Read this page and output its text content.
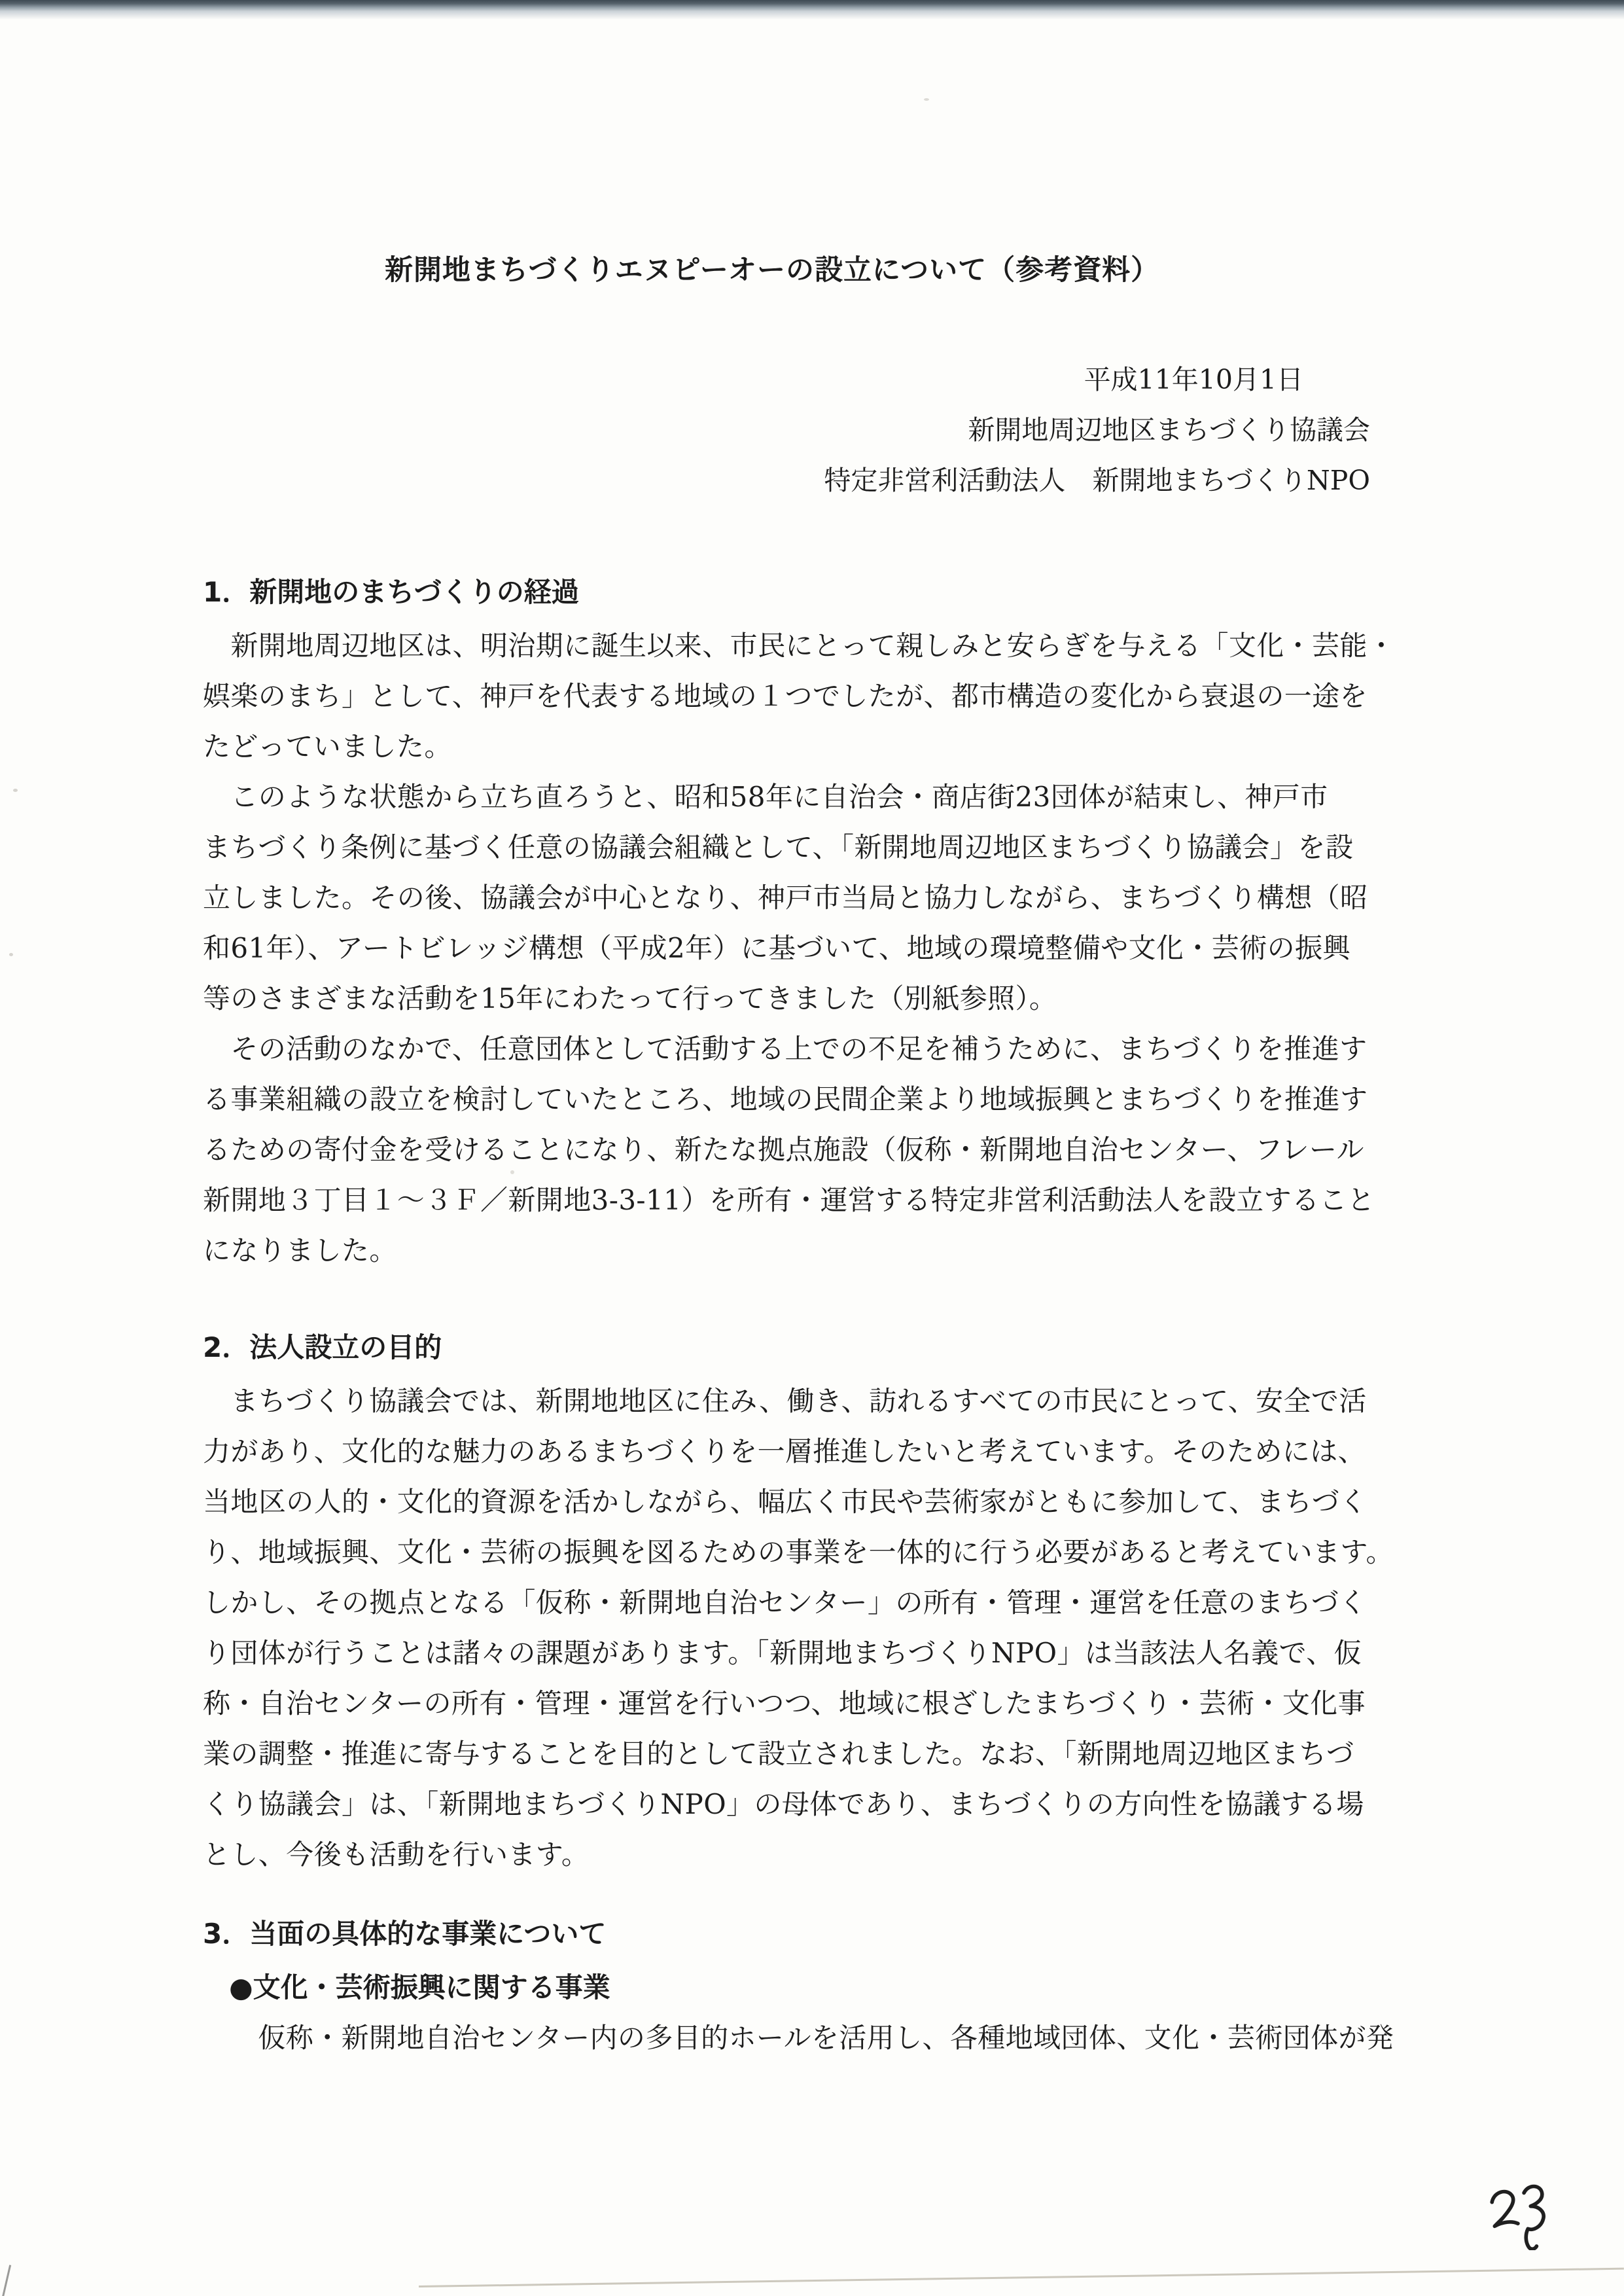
新開地まちづくりエヌピーオーの設立について（参考資料）
平成11年10月1日
新開地周辺地区まちづくり協議会
特定非営利活動法人　新開地まちづくりNPO
1．新開地のまちづくりの経過
　新開地周辺地区は、明治期に誕生以来、市民にとって親しみと安らぎを与える「文化・芸能・
娯楽のまち」として、神戸を代表する地域の１つでしたが、都市構造の変化から衰退の一途を
たどっていました。
　このような状態から立ち直ろうと、昭和58年に自治会・商店街23団体が結束し、神戸市
まちづくり条例に基づく任意の協議会組織として、「新開地周辺地区まちづくり協議会」を設
立しました。その後、協議会が中心となり、神戸市当局と協力しながら、まちづくり構想（昭
和61年）、アートビレッジ構想（平成2年）に基づいて、地域の環境整備や文化・芸術の振興
等のさまざまな活動を15年にわたって行ってきました（別紙参照）。
　その活動のなかで、任意団体として活動する上での不足を補うために、まちづくりを推進す
る事業組織の設立を検討していたところ、地域の民間企業より地域振興とまちづくりを推進す
るための寄付金を受けることになり、新たな拠点施設（仮称・新開地自治センター、フレール
新開地３丁目１～３Ｆ／新開地3-3-11）を所有・運営する特定非営利活動法人を設立すること
になりました。
2．法人設立の目的
　まちづくり協議会では、新開地地区に住み、働き、訪れるすべての市民にとって、安全で活
力があり、文化的な魅力のあるまちづくりを一層推進したいと考えています。そのためには、
当地区の人的・文化的資源を活かしながら、幅広く市民や芸術家がともに参加して、まちづく
り、地域振興、文化・芸術の振興を図るための事業を一体的に行う必要があると考えています。
しかし、その拠点となる「仮称・新開地自治センター」の所有・管理・運営を任意のまちづく
り団体が行うことは諸々の課題があります。「新開地まちづくりNPO」は当該法人名義で、仮
称・自治センターの所有・管理・運営を行いつつ、地域に根ざしたまちづくり・芸術・文化事
業の調整・推進に寄与することを目的として設立されました。なお、「新開地周辺地区まちづ
くり協議会」は、「新開地まちづくりNPO」の母体であり、まちづくりの方向性を協議する場
とし、今後も活動を行います。
3．当面の具体的な事業について
●文化・芸術振興に関する事業
　仮称・新開地自治センター内の多目的ホールを活用し、各種地域団体、文化・芸術団体が発
